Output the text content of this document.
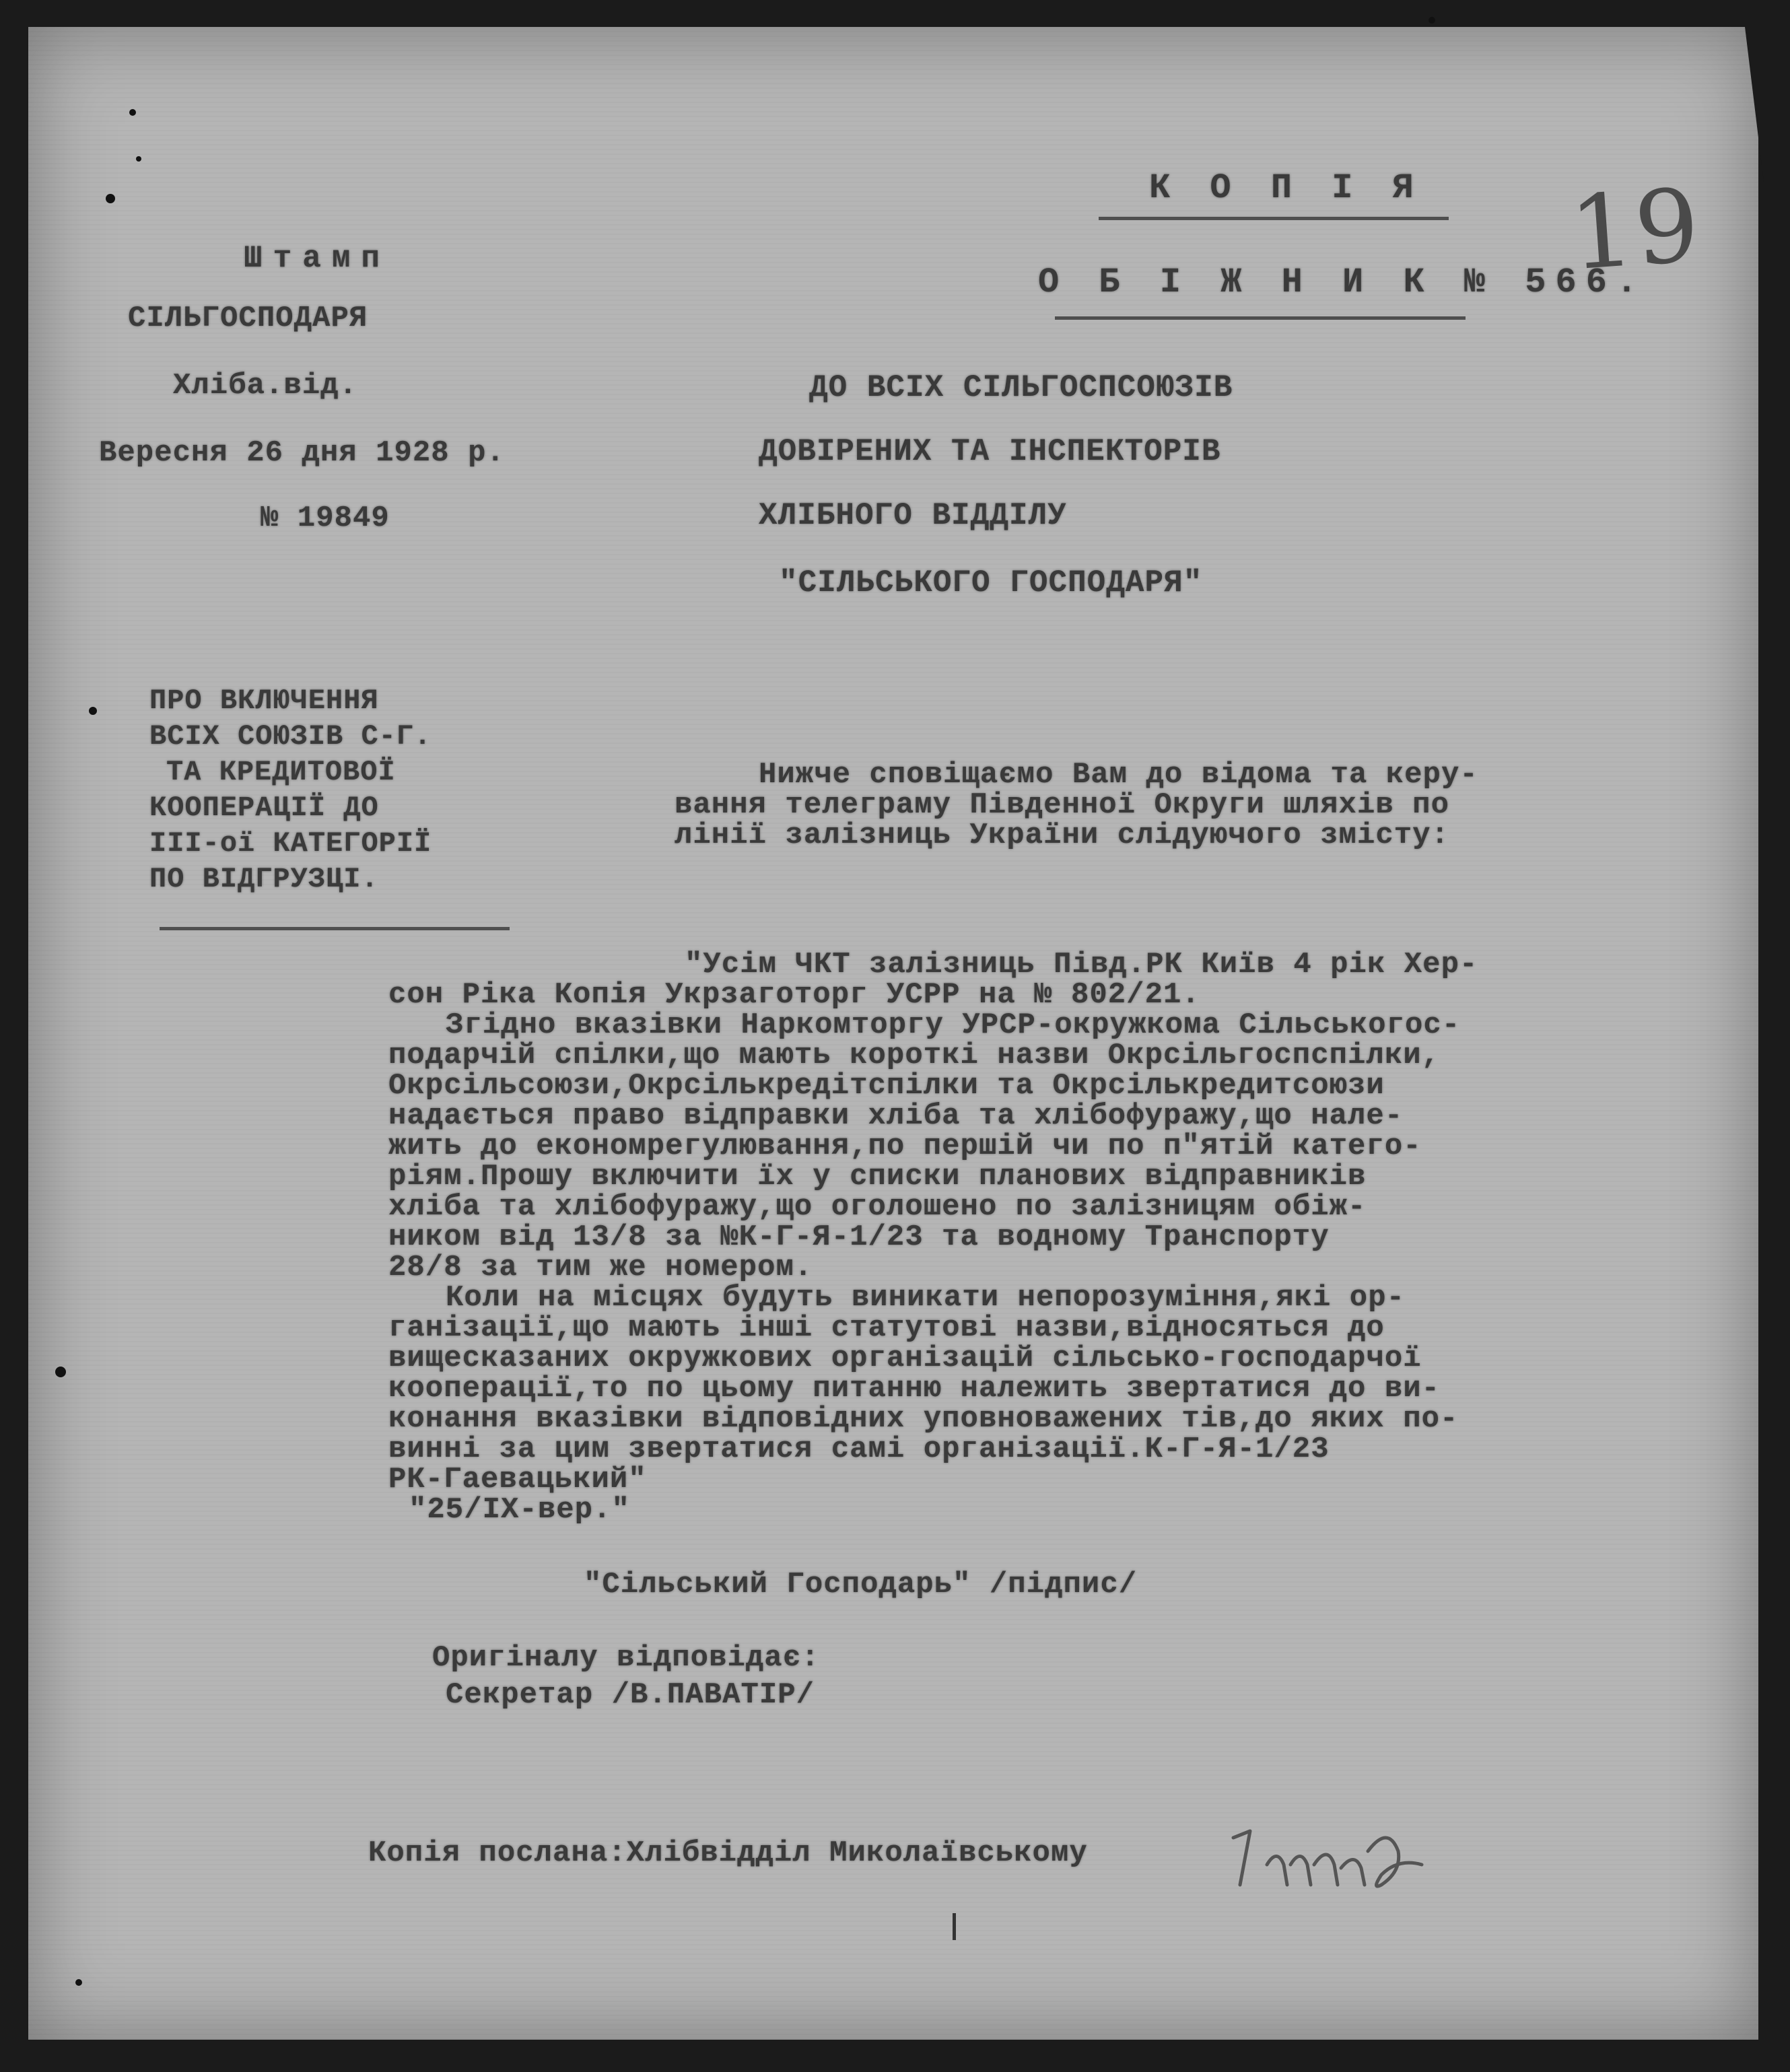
Штамп
СІЛЬГОСПОДАРЯ
Хліба.від.
Вересня 26 дня 1928 р.
№ 19849
К О П І Я
О Б І Ж Н И К № 566.
ДО ВСІХ СІЛЬГОСПСОЮЗІВ
ДОВІРЕНИХ ТА ІНСПЕКТОРІВ
ХЛІБНОГО ВІДДІЛУ
"СІЛЬСЬКОГО ГОСПОДАРЯ"
ПРО ВКЛЮЧЕННЯ
ВСІХ СОЮЗІВ С-Г.
ТА КРЕДИТОВОЇ
КООПЕРАЦІЇ ДО
III-ої КАТЕГОРІЇ
ПО ВІДГРУЗЦІ.
Нижче сповіщаємо Вам до відома та керу-
вання телеграму Південної Округи шляхів по
лінії залізниць України слідуючого змісту:
"Усім ЧКТ залізниць Півд.РК Київ 4 рік Хер-
сон Ріка Копія Укрзаготорг УСРР на № 802/21.
Згідно вказівки Наркомторгу УРСР-окружкома Сільськогос-
подарчій спілки,що мають короткі назви Окрсільгоспспілки,
Окрсільсоюзи,Окрсількредітспілки та Окрсількредитсоюзи
надається право відправки хліба та хлібофуражу,що нале-
жить до економрегулювання,по першій чи по п"ятій катего-
ріям.Прошу включити їх у списки планових відправників
хліба та хлібофуражу,що оголошено по залізницям обіж-
ником від 13/8 за №К-Г-Я-1/23 та водному Транспорту
28/8 за тим же номером.
Коли на місцях будуть виникати непорозуміння,які ор-
ганізації,що мають інші статутові назви,відносяться до
вищесказаних окружкових організацій сільсько-господарчої
кооперації,то по цьому питанню належить звертатися до ви-
конання вказівки відповідних уповноважених тів,до яких по-
винні за цим звертатися самі організації.К-Г-Я-1/23
РК-Гаевацький"
"25/IX-вер."
"Сільський Господарь" /підпис/
Оригіналу відповідає:
Секретар /В.ПАВАТІР/
Копія послана:Хлібвідділ Миколаївському
19
